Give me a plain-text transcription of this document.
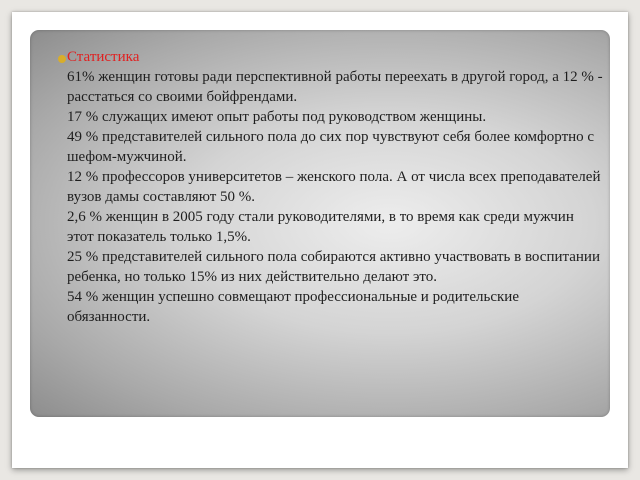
Статистика
61% женщин готовы ради перспективной работы переехать в другой город, а 12 % - расстаться со своими бойфрендами.
17 % служащих имеют опыт работы под руководством женщины.
49 % представителей сильного пола до сих пор чувствуют себя более комфортно с шефом-мужчиной.
12 % профессоров университетов – женского пола. А от числа всех преподавателей вузов дамы составляют 50 %.
2,6 % женщин в 2005 году стали руководителями, в то время как среди мужчин этот показатель только 1,5%.
25 % представителей сильного пола собираются активно участвовать в воспитании ребенка, но только 15% из них действительно делают это.
54 % женщин успешно совмещают профессиональные и родительские обязанности.
